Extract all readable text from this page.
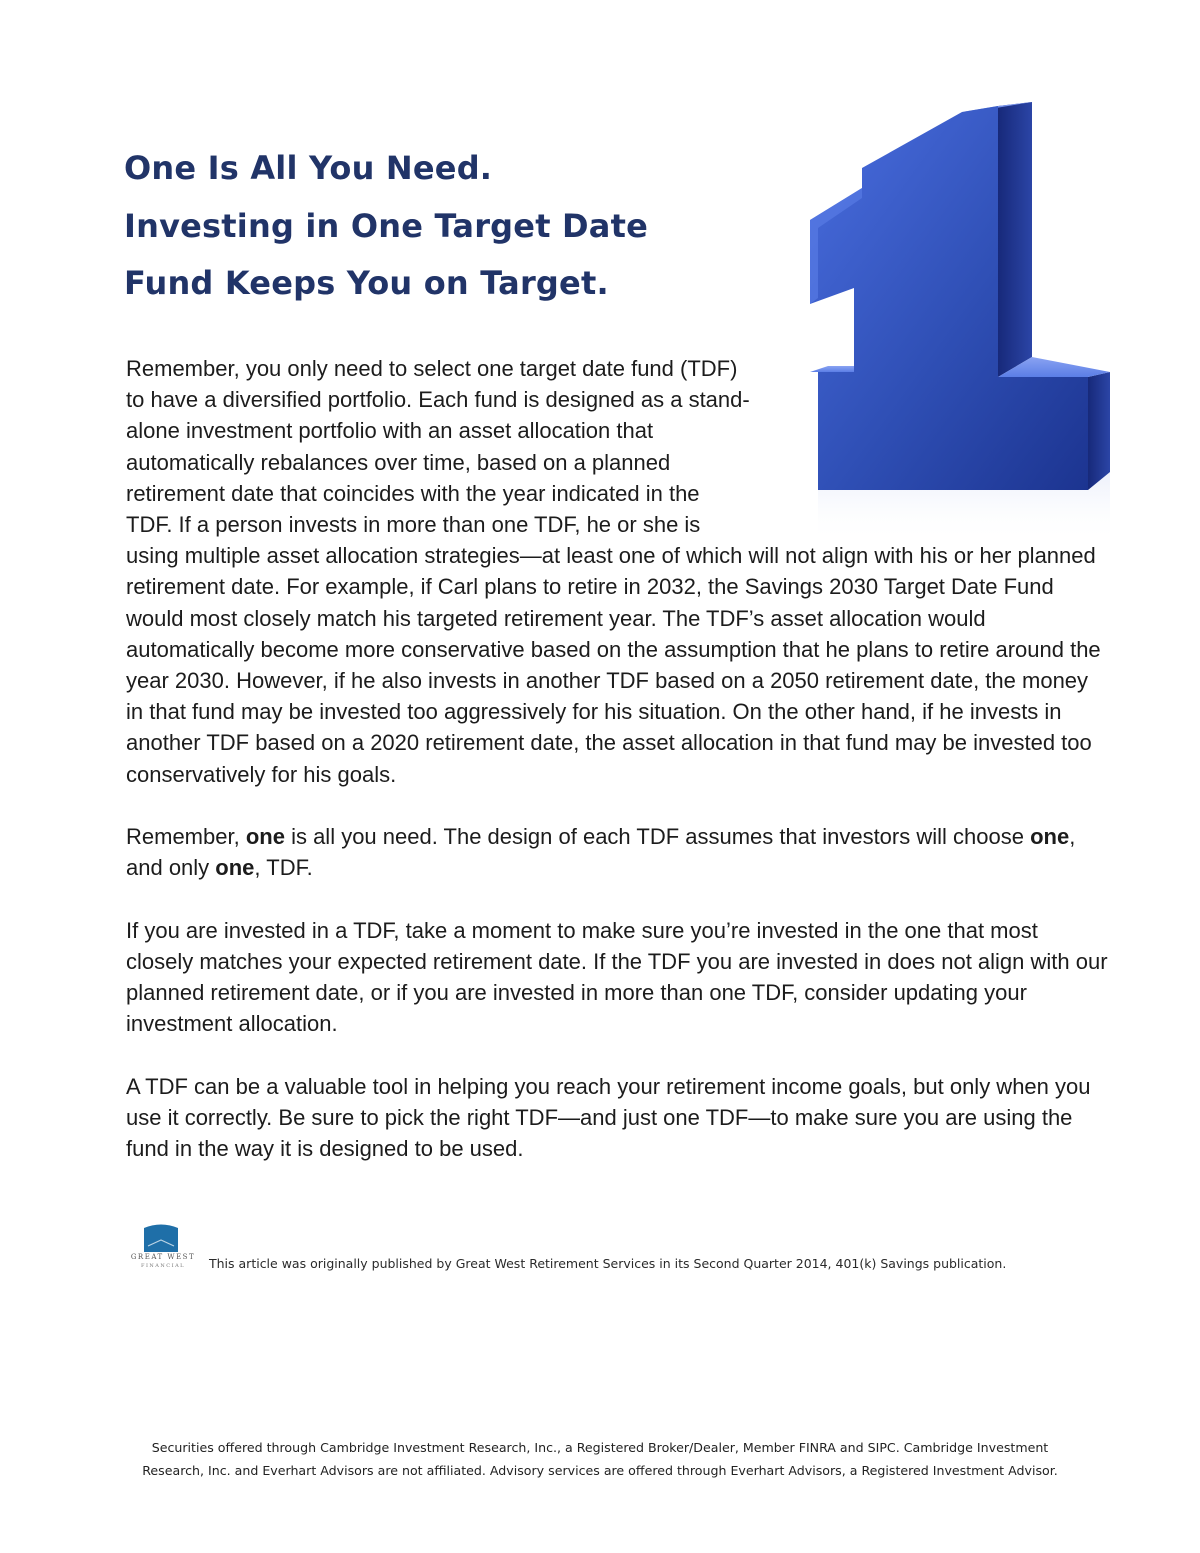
One Is All You Need.
Investing in One Target Date
Fund Keeps You on Target.

Remember, you only need to select one target date fund (TDF) to have a diversified portfolio. Each fund is designed as a stand-alone investment portfolio with an asset allocation that automatically rebalances over time, based on a planned retirement date that coincides with the year indicated in the TDF. If a person invests in more than one TDF, he or she is using multiple asset allocation strategies—at least one of which will not align with his or her planned retirement date. For example, if Carl plans to retire in 2032, the Savings 2030 Target Date Fund would most closely match his targeted retirement year. The TDF’s asset allocation would automatically become more conservative based on the assumption that he plans to retire around the year 2030. However, if he also invests in another TDF based on a 2050 retirement date, the money in that fund may be invested too aggressively for his situation. On the other hand, if he invests in another TDF based on a 2020 retirement date, the asset allocation in that fund may be invested too conservatively for his goals.

Remember, one is all you need. The design of each TDF assumes that investors will choose one, and only one, TDF.

If you are invested in a TDF, take a moment to make sure you’re invested in the one that most closely matches your expected retirement date. If the TDF you are invested in does not align with our planned retirement date, or if you are invested in more than one TDF, consider updating your investment allocation.

A TDF can be a valuable tool in helping you reach your retirement income goals, but only when you use it correctly. Be sure to pick the right TDF—and just one TDF—to make sure you are using the fund in the way it is designed to be used.

GREAT WEST
FINANCIAL	This article was originally published by Great West Retirement Services in its Second Quarter 2014, 401(k) Savings publication.
Securities offered through Cambridge Investment Research, Inc., a Registered Broker/Dealer, Member FINRA and SIPC. Cambridge Investment
Research, Inc. and Everhart Advisors are not affiliated. Advisory services are offered through Everhart Advisors, a Registered Investment Advisor.
